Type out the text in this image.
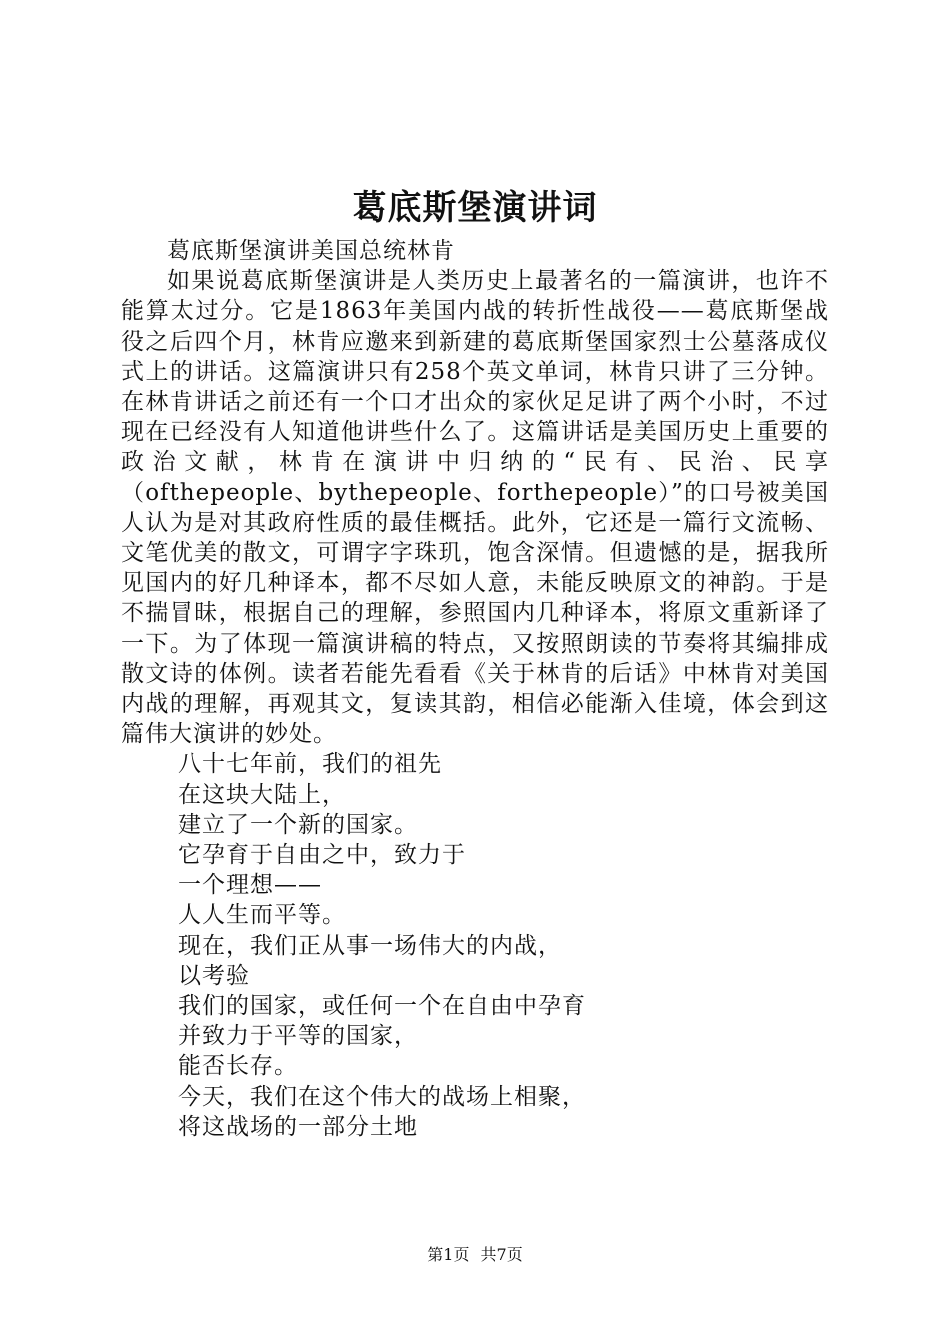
葛底斯堡演讲词

葛底斯堡演讲美国总统林肯

如果说葛底斯堡演讲是人类历史上最著名的一篇演讲，也许不能算太过分。它是1863年美国内战的转折性战役——葛底斯堡战役之后四个月，林肯应邀来到新建的葛底斯堡国家烈士公墓落成仪式上的讲话。这篇演讲只有258个英文单词，林肯只讲了三分钟。在林肯讲话之前还有一个口才出众的家伙足足讲了两个小时，不过现在已经没有人知道他讲些什么了。这篇讲话是美国历史上重要的政治文献，林肯在演讲中归纳的“民有、民治、民享（ofthepeople、bythepeople、forthepeople）”的口号被美国人认为是对其政府性质的最佳概括。此外，它还是一篇行文流畅、文笔优美的散文，可谓字字珠玑，饱含深情。但遗憾的是，据我所见国内的好几种译本，都不尽如人意，未能反映原文的神韵。于是不揣冒昧，根据自己的理解，参照国内几种译本，将原文重新译了一下。为了体现一篇演讲稿的特点，又按照朗读的节奏将其编排成散文诗的体例。读者若能先看看《关于林肯的后话》中林肯对美国内战的理解，再观其文，复读其韵，相信必能渐入佳境，体会到这篇伟大演讲的妙处。

八十七年前，我们的祖先

在这块大陆上，

建立了一个新的国家。

它孕育于自由之中，致力于

一个理想——

人人生而平等。

现在，我们正从事一场伟大的内战，

以考验

我们的国家，或任何一个在自由中孕育

并致力于平等的国家，

能否长存。

今天，我们在这个伟大的战场上相聚，

将这战场的一部分土地

第1页 共7页
